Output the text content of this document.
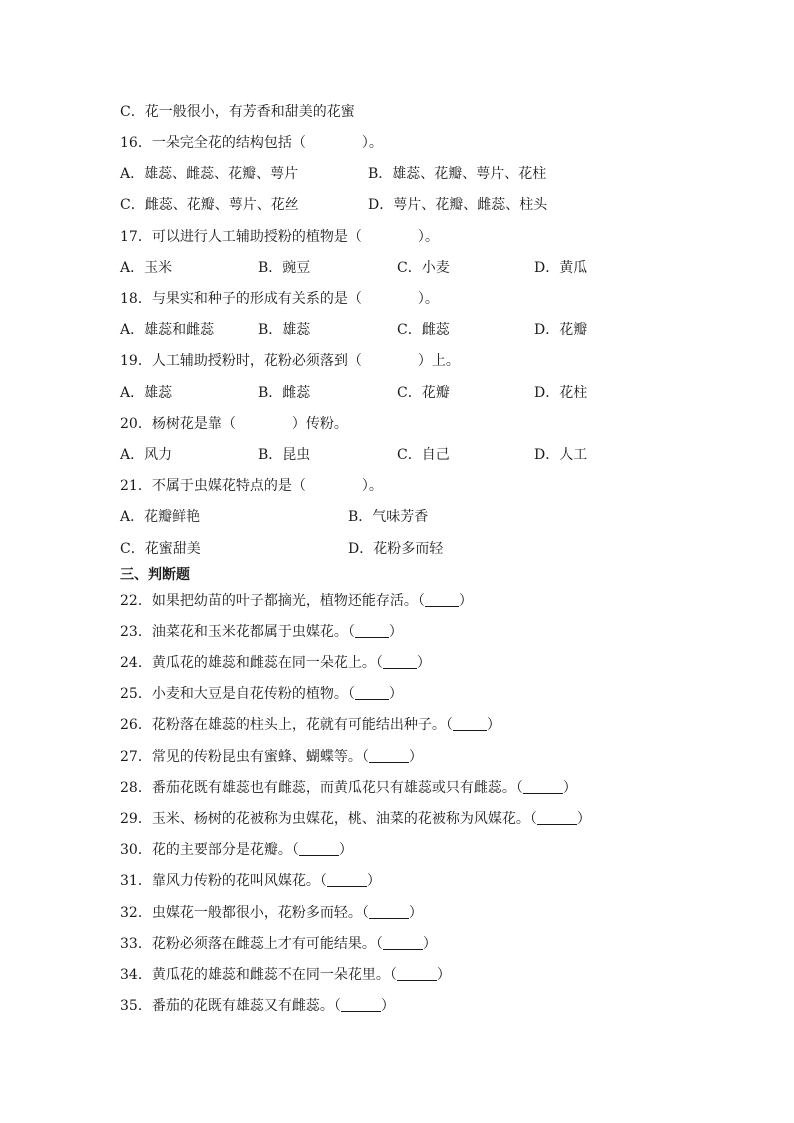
C．花一般很小，有芳香和甜美的花蜜
16．一朵完全花的结构包括（　　　　）。
A．雄蕊、雌蕊、花瓣、萼片	B．雄蕊、花瓣、萼片、花柱
C．雌蕊、花瓣、萼片、花丝	D．萼片、花瓣、雌蕊、柱头
17．可以进行人工辅助授粉的植物是（　　　　）。
A．玉米	B．豌豆	C．小麦	D．黄瓜
18．与果实和种子的形成有关系的是（　　　　）。
A．雄蕊和雌蕊	B．雄蕊	C．雌蕊	D．花瓣
19．人工辅助授粉时，花粉必须落到（　　　　）上。
A．雄蕊	B．雌蕊	C．花瓣	D．花柱
20．杨树花是靠（　　　　）传粉。
A．风力	B．昆虫	C．自己	D．人工
21．不属于虫媒花特点的是（　　　　）。
A．花瓣鲜艳	B．气味芳香
C．花蜜甜美	D．花粉多而轻
三、判断题
22．如果把幼苗的叶子都摘光，植物还能存活。（ ）
23．油菜花和玉米花都属于虫媒花。（ ）
24．黄瓜花的雄蕊和雌蕊在同一朵花上。（ ）
25．小麦和大豆是自花传粉的植物。（ ）
26．花粉落在雄蕊的柱头上，花就有可能结出种子。（ ）
27．常见的传粉昆虫有蜜蜂、蝴蝶等。（	）
28．番茄花既有雄蕊也有雌蕊，而黄瓜花只有雄蕊或只有雌蕊。（	）
29．玉米、杨树的花被称为虫媒花，桃、油菜的花被称为风媒花。（	）
30．花的主要部分是花瓣。（	）
31．靠风力传粉的花叫风媒花。（	）
32．虫媒花一般都很小，花粉多而轻。（	）
33．花粉必须落在雌蕊上才有可能结果。（	）
34．黄瓜花的雄蕊和雌蕊不在同一朵花里。（	）
35．番茄的花既有雄蕊又有雌蕊。（	）
